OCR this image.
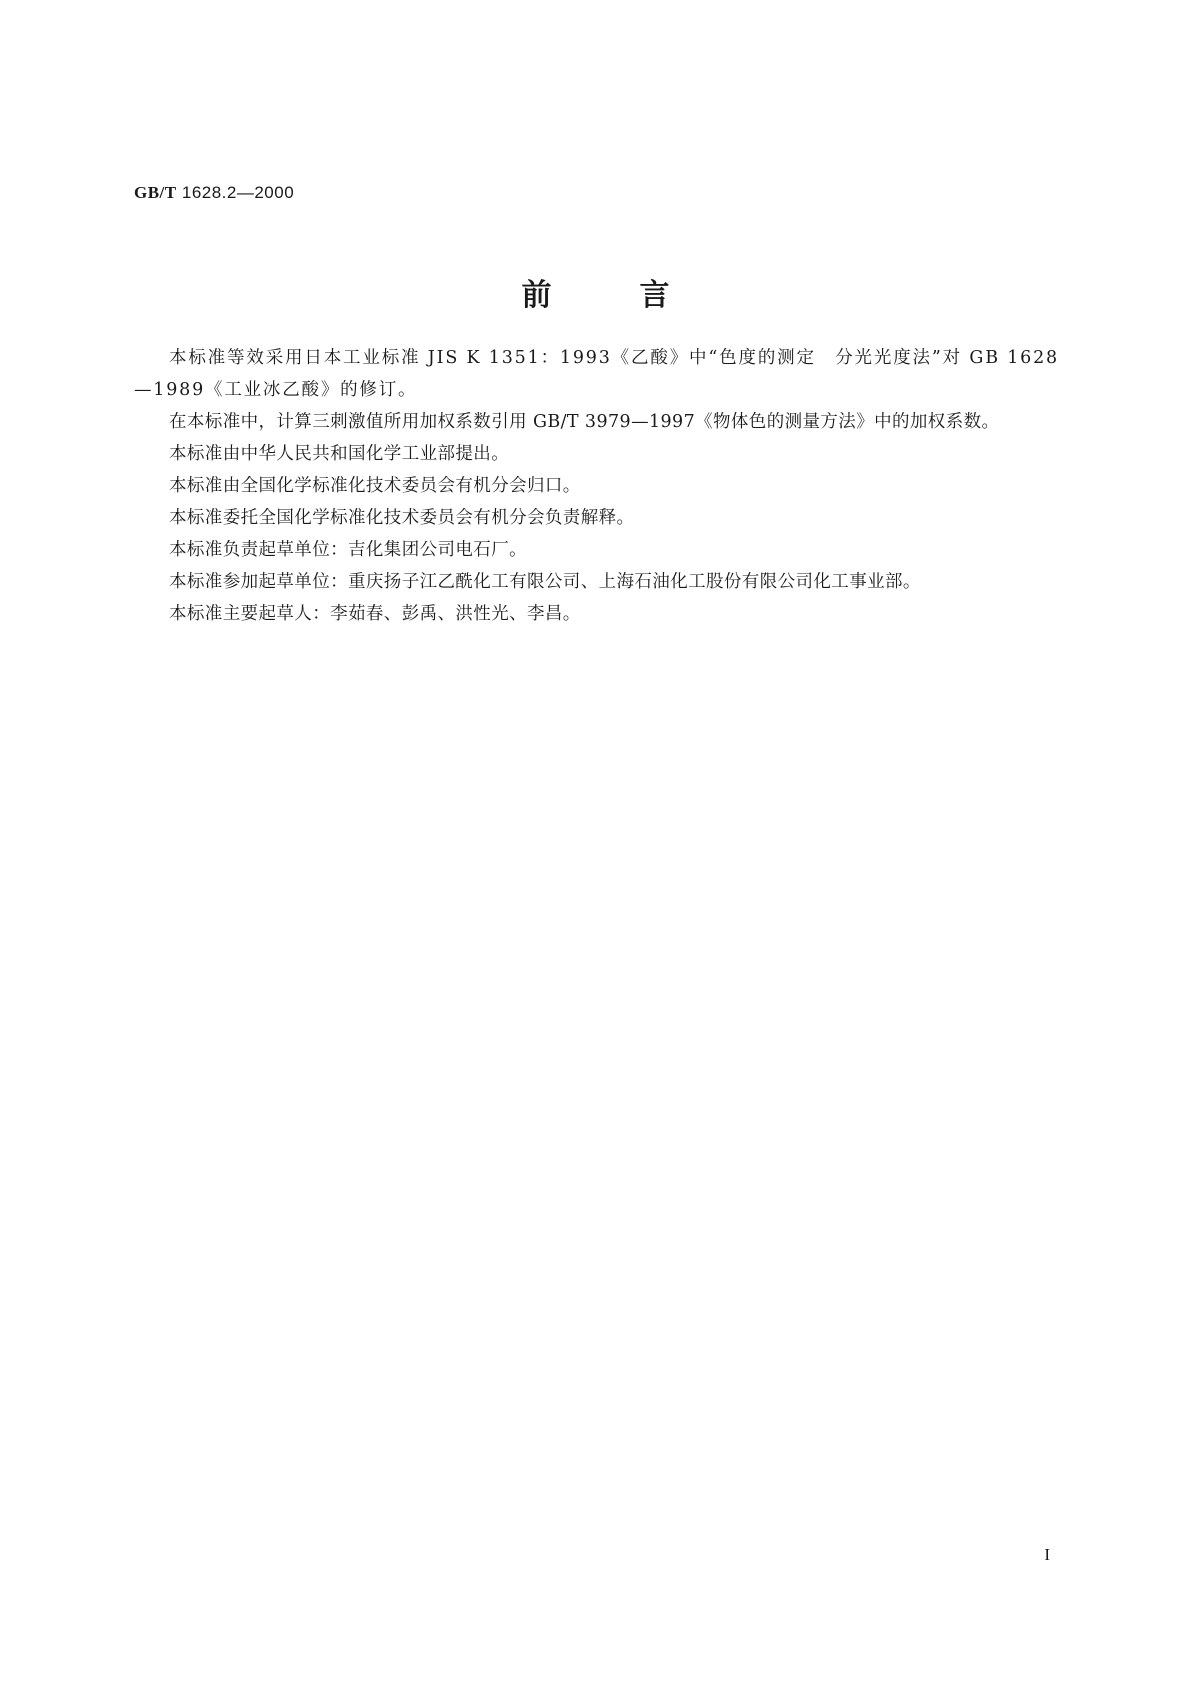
GB/T 1628.2—2000
前	言

本标准等效采用日本工业标准 JIS K 1351：1993《乙酸》中“色度的测定　分光光度法”对 GB 1628—1989《工业冰乙酸》的修订。

在本标准中，计算三刺激值所用加权系数引用 GB/T 3979—1997《物体色的测量方法》中的加权系数。

本标准由中华人民共和国化学工业部提出。

本标准由全国化学标准化技术委员会有机分会归口。

本标准委托全国化学标准化技术委员会有机分会负责解释。

本标准负责起草单位：吉化集团公司电石厂。

本标准参加起草单位：重庆扬子江乙酰化工有限公司、上海石油化工股份有限公司化工事业部。

本标准主要起草人：李茹春、彭禹、洪性光、李昌。

I
